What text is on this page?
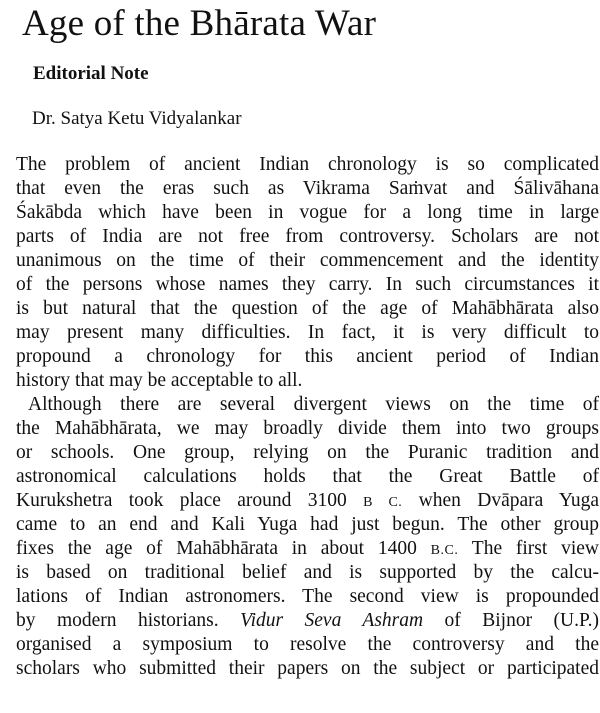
Age of the Bhārata War

Editorial Note

Dr. Satya Ketu Vidyalankar

The problem of ancient Indian chronology is so complicated
that even the eras such as Vikrama Saṁvat and Śālivāhana
Śakābda which have been in vogue for a long time in large
parts of India are not free from controversy. Scholars are not
unanimous on the time of their commencement and the identity
of the persons whose names they carry. In such circumstances it
is but natural that the question of the age of Mahābhārata also
may present many difficulties. In fact, it is very difficult to
propound a chronology for this ancient period of Indian
history that may be acceptable to all.
Although there are several divergent views on the time of
the Mahābhārata, we may broadly divide them into two groups
or schools. One group, relying on the Puranic tradition and
astronomical calculations holds that the Great Battle of
Kurukshetra took place around 3100 B C. when Dvāpara Yuga
came to an end and Kali Yuga had just begun. The other group
fixes the age of Mahābhārata in about 1400 B.C. The first view
is based on traditional belief and is supported by the calcu-
lations of Indian astronomers. The second view is propounded
by modern historians. Vidur Seva Ashram of Bijnor (U.P.)
organised a symposium to resolve the controversy and the
scholars who submitted their papers on the subject or participated
